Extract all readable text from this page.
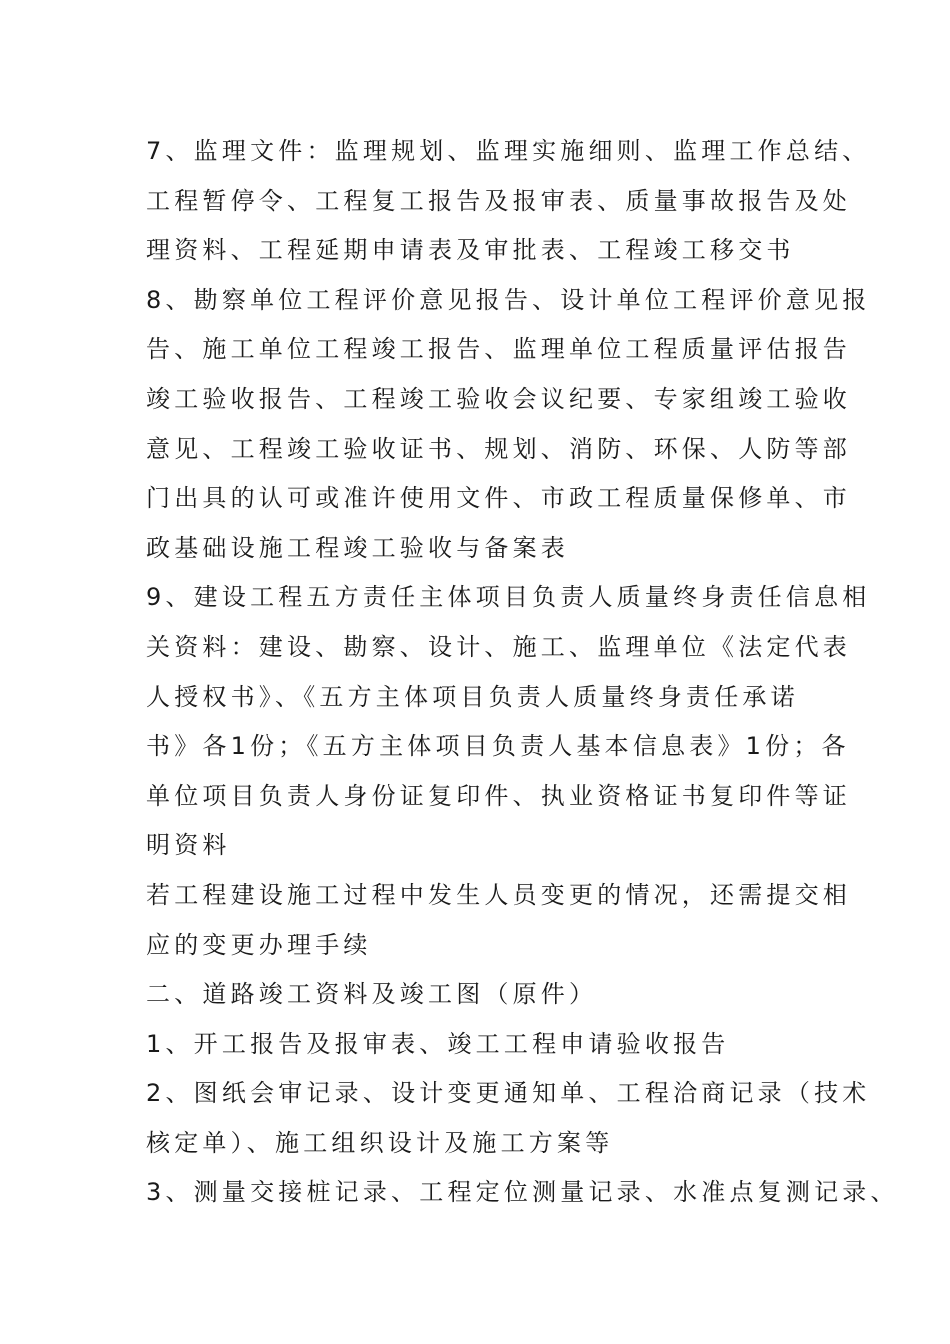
7、监理文件：监理规划、监理实施细则、监理工作总结、
工程暂停令、工程复工报告及报审表、质量事故报告及处
理资料、工程延期申请表及审批表、工程竣工移交书
8、勘察单位工程评价意见报告、设计单位工程评价意见报
告、施工单位工程竣工报告、监理单位工程质量评估报告
竣工验收报告、工程竣工验收会议纪要、专家组竣工验收
意见、工程竣工验收证书、规划、消防、环保、人防等部
门出具的认可或准许使用文件、市政工程质量保修单、市
政基础设施工程竣工验收与备案表
9、建设工程五方责任主体项目负责人质量终身责任信息相
关资料：建设、勘察、设计、施工、监理单位《法定代表
人授权书》、《五方主体项目负责人质量终身责任承诺
书》各1份；《五方主体项目负责人基本信息表》1份；各
单位项目负责人身份证复印件、执业资格证书复印件等证
明资料
若工程建设施工过程中发生人员变更的情况，还需提交相
应的变更办理手续
二、道路竣工资料及竣工图（原件）
1、开工报告及报审表、竣工工程申请验收报告
2、图纸会审记录、设计变更通知单、工程洽商记录（技术
核定单）、施工组织设计及施工方案等
3、测量交接桩记录、工程定位测量记录、水准点复测记录、
